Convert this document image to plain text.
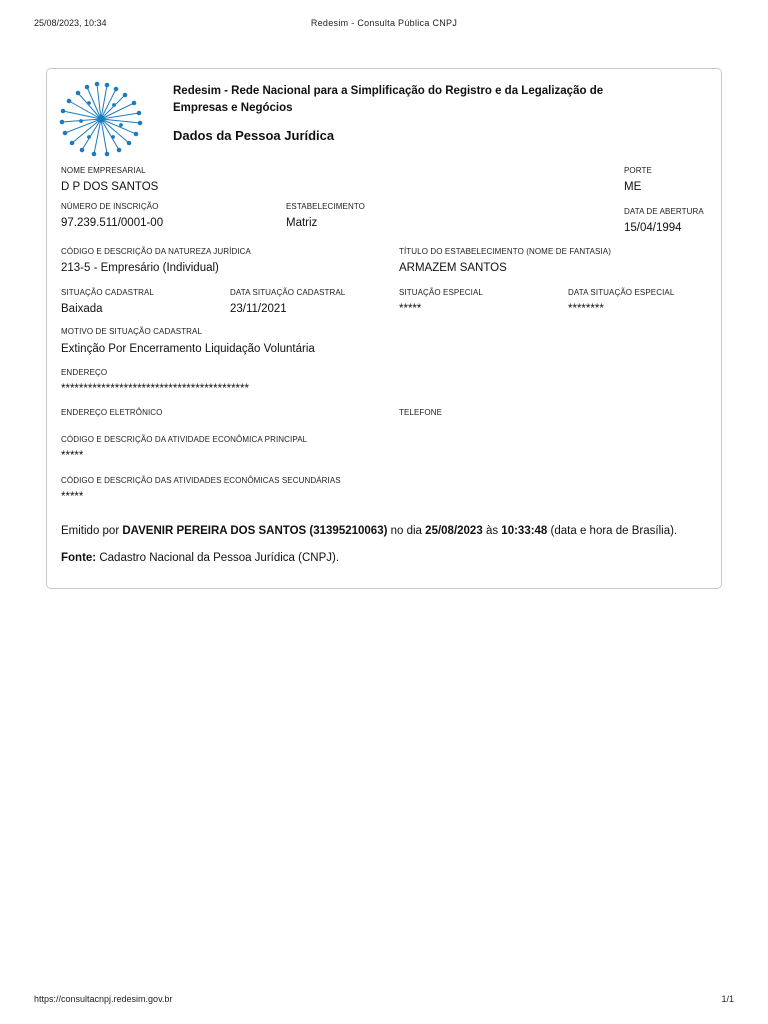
25/08/2023, 10:34	Redesim - Consulta Pública CNPJ
Redesim - Rede Nacional para a Simplificação do Registro e da Legalização de Empresas e Negócios
Dados da Pessoa Jurídica
NOME EMPRESARIAL
D P DOS SANTOS
PORTE
ME
NÚMERO DE INSCRIÇÃO
97.239.511/0001-00
ESTABELECIMENTO
Matriz
DATA DE ABERTURA
15/04/1994
CÓDIGO E DESCRIÇÃO DA NATUREZA JURÍDICA
213-5 - Empresário (Individual)
TÍTULO DO ESTABELECIMENTO (NOME DE FANTASIA)
ARMAZEM SANTOS
SITUAÇÃO CADASTRAL
Baixada
DATA SITUAÇÃO CADASTRAL
23/11/2021
SITUAÇÃO ESPECIAL
*****
DATA SITUAÇÃO ESPECIAL
********
MOTIVO DE SITUAÇÃO CADASTRAL
Extinção Por Encerramento Liquidação Voluntária
ENDEREÇO
******************************************
ENDEREÇO ELETRÔNICO	TELEFONE
CÓDIGO E DESCRIÇÃO DA ATIVIDADE ECONÔMICA PRINCIPAL
*****
CÓDIGO E DESCRIÇÃO DAS ATIVIDADES ECONÔMICAS SECUNDÁRIAS
*****
Emitido por DAVENIR PEREIRA DOS SANTOS (31395210063) no dia 25/08/2023 às 10:33:48 (data e hora de Brasília).
Fonte: Cadastro Nacional da Pessoa Jurídica (CNPJ).
https://consultacnpj.redesim.gov.br	1/1
